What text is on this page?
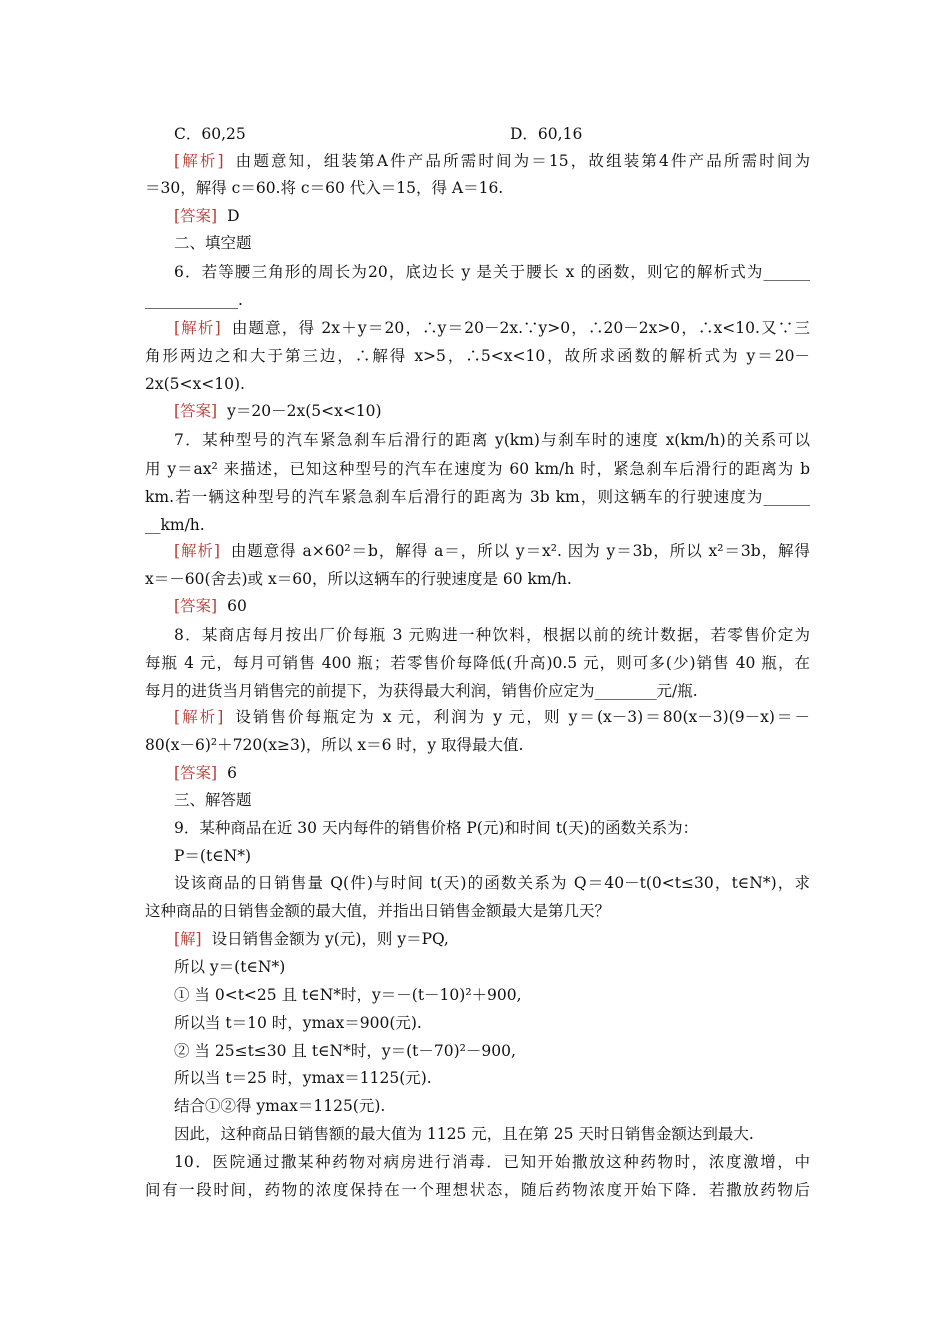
C．60,25	D．60,16
[解析] 由题意知，组装第A件产品所需时间为＝15，故组装第4件产品所需时间为
＝30，解得 c＝60.将 c＝60 代入＝15，得 A＝16.
[答案] D
二、填空题
6．若等腰三角形的周长为20，底边长 y 是关于腰长 x 的函数，则它的解析式为______
____________.
[解析] 由题意，得 2x＋y＝20，∴y＝20－2x.∵y>0，∴20－2x>0，∴x<10.又∵三
角形两边之和大于第三边，∴解得 x>5，∴5<x<10，故所求函数的解析式为 y＝20－
2x(5<x<10).
[答案] y＝20－2x(5<x<10)
7．某种型号的汽车紧急刹车后滑行的距离 y(km)与刹车时的速度 x(km/h)的关系可以
用 y＝ax² 来描述，已知这种型号的汽车在速度为 60 km/h 时，紧急刹车后滑行的距离为 b
km.若一辆这种型号的汽车紧急刹车后滑行的距离为 3b km，则这辆车的行驶速度为______
__km/h.
[解析] 由题意得 a×60²＝b，解得 a＝，所以 y＝x². 因为 y＝3b，所以 x²＝3b，解得
x＝－60(舍去)或 x＝60，所以这辆车的行驶速度是 60 km/h.
[答案] 60
8．某商店每月按出厂价每瓶 3 元购进一种饮料，根据以前的统计数据，若零售价定为
每瓶 4 元，每月可销售 400 瓶；若零售价每降低(升高)0.5 元，则可多(少)销售 40 瓶，在
每月的进货当月销售完的前提下，为获得最大利润，销售价应定为________元/瓶.
[解析] 设销售价每瓶定为 x 元，利润为 y 元，则 y＝(x－3)＝80(x－3)(9－x)＝－
80(x－6)²＋720(x≥3)，所以 x＝6 时，y 取得最大值.
[答案] 6
三、解答题
9．某种商品在近 30 天内每件的销售价格 P(元)和时间 t(天)的函数关系为：
P＝(t∈N*)
设该商品的日销售量 Q(件)与时间 t(天)的函数关系为 Q＝40－t(0<t≤30，t∈N*)，求
这种商品的日销售金额的最大值，并指出日销售金额最大是第几天？
[解] 设日销售金额为 y(元)，则 y＝PQ,
所以 y＝(t∈N*)
① 当 0<t<25 且 t∈N*时，y＝－(t－10)²＋900,
所以当 t＝10 时，ymax＝900(元).
② 当 25≤t≤30 且 t∈N*时，y＝(t－70)²－900,
所以当 t＝25 时，ymax＝1125(元).
结合①②得 ymax＝1125(元).
因此，这种商品日销售额的最大值为 1125 元，且在第 25 天时日销售金额达到最大.
10．医院通过撒某种药物对病房进行消毒．已知开始撒放这种药物时，浓度激增，中
间有一段时间，药物的浓度保持在一个理想状态，随后药物浓度开始下降．若撒放药物后
